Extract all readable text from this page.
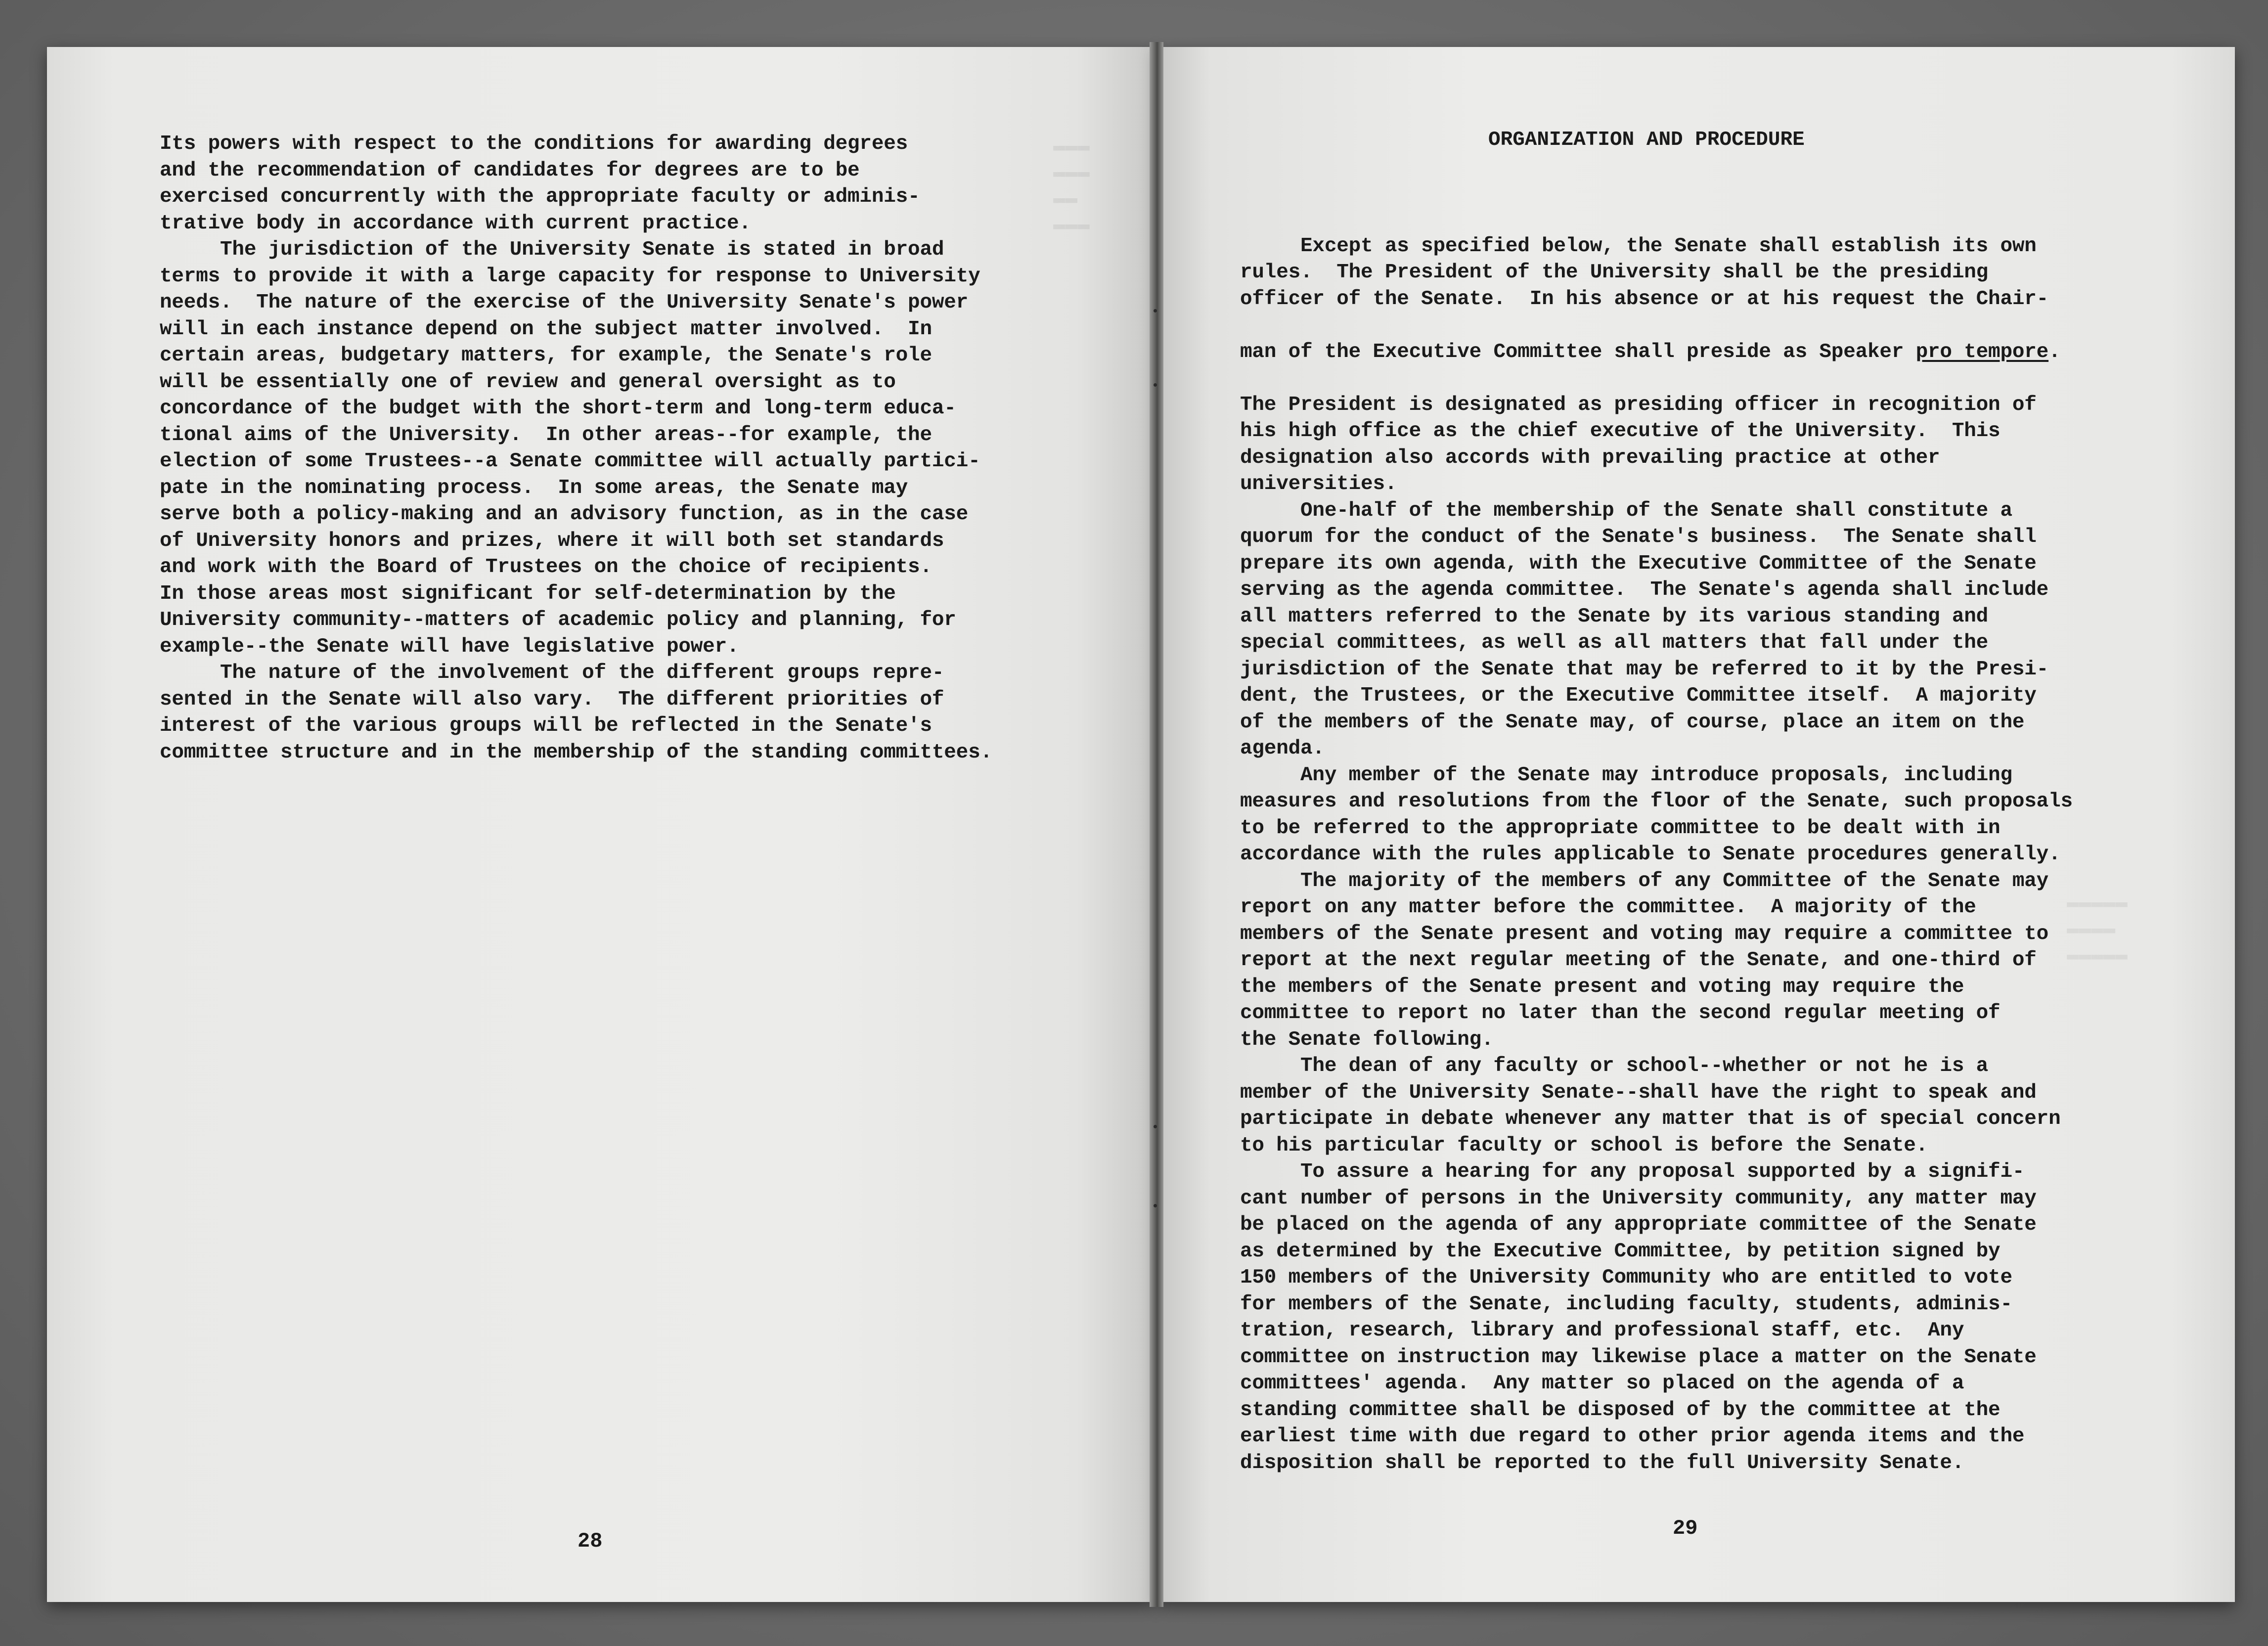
▬▬▬
▬▬▬
▬▬
▬▬▬
▬▬▬▬▬
▬▬▬▬
▬▬▬▬▬
Its powers with respect to the conditions for awarding degrees
and the recommendation of candidates for degrees are to be
exercised concurrently with the appropriate faculty or adminis-
trative body in accordance with current practice.
The jurisdiction of the University Senate is stated in broad
terms to provide it with a large capacity for response to University
needs.  The nature of the exercise of the University Senate's power
will in each instance depend on the subject matter involved.  In
certain areas, budgetary matters, for example, the Senate's role
will be essentially one of review and general oversight as to
concordance of the budget with the short-term and long-term educa-
tional aims of the University.  In other areas--for example, the
election of some Trustees--a Senate committee will actually partici-
pate in the nominating process.  In some areas, the Senate may
serve both a policy-making and an advisory function, as in the case
of University honors and prizes, where it will both set standards
and work with the Board of Trustees on the choice of recipients.
In those areas most significant for self-determination by the
University community--matters of academic policy and planning, for
example--the Senate will have legislative power.
The nature of the involvement of the different groups repre-
sented in the Senate will also vary.  The different priorities of
interest of the various groups will be reflected in the Senate's
committee structure and in the membership of the standing committees.
28
ORGANIZATION AND PROCEDURE

Except as specified below, the Senate shall establish its own
rules.  The President of the University shall be the presiding
officer of the Senate.  In his absence or at his request the Chair-

man of the Executive Committee shall preside as Speaker pro tempore.

The President is designated as presiding officer in recognition of
his high office as the chief executive of the University.  This
designation also accords with prevailing practice at other
universities.
One-half of the membership of the Senate shall constitute a
quorum for the conduct of the Senate's business.  The Senate shall
prepare its own agenda, with the Executive Committee of the Senate
serving as the agenda committee.  The Senate's agenda shall include
all matters referred to the Senate by its various standing and
special committees, as well as all matters that fall under the
jurisdiction of the Senate that may be referred to it by the Presi-
dent, the Trustees, or the Executive Committee itself.  A majority
of the members of the Senate may, of course, place an item on the
agenda.
Any member of the Senate may introduce proposals, including
measures and resolutions from the floor of the Senate, such proposals
to be referred to the appropriate committee to be dealt with in
accordance with the rules applicable to Senate procedures generally.
The majority of the members of any Committee of the Senate may
report on any matter before the committee.  A majority of the
members of the Senate present and voting may require a committee to
report at the next regular meeting of the Senate, and one-third of
the members of the Senate present and voting may require the
committee to report no later than the second regular meeting of
the Senate following.
The dean of any faculty or school--whether or not he is a
member of the University Senate--shall have the right to speak and
participate in debate whenever any matter that is of special concern
to his particular faculty or school is before the Senate.
To assure a hearing for any proposal supported by a signifi-
cant number of persons in the University community, any matter may
be placed on the agenda of any appropriate committee of the Senate
as determined by the Executive Committee, by petition signed by
150 members of the University Community who are entitled to vote
for members of the Senate, including faculty, students, adminis-
tration, research, library and professional staff, etc.  Any
committee on instruction may likewise place a matter on the Senate
committees' agenda.  Any matter so placed on the agenda of a
standing committee shall be disposed of by the committee at the
earliest time with due regard to other prior agenda items and the
disposition shall be reported to the full University Senate.

29
